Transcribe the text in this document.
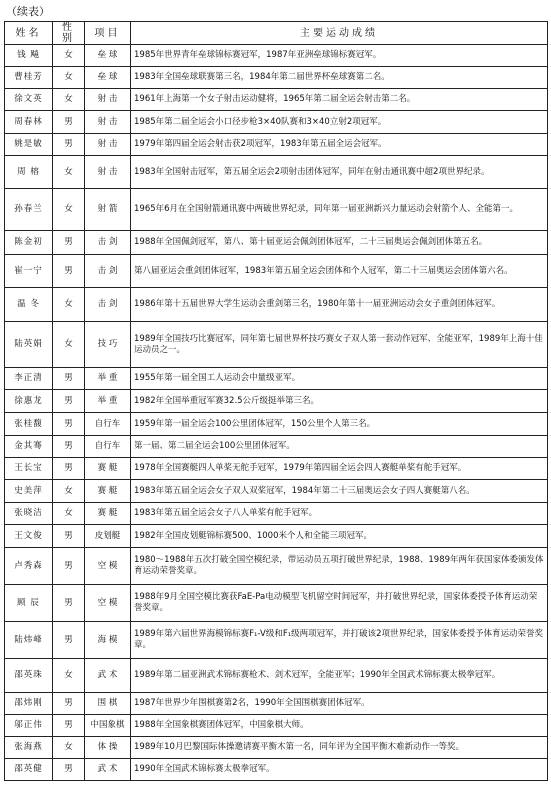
（续表）
姓名	性别	项目	主要运动成绩
钱 飚	女	垒 球	1985年世界青年垒球锦标赛冠军，1987年亚洲垒球锦标赛冠军。
曹桂芳	女	垒 球	1983年全国垒球联赛第三名，1984年第二届世界杯垒球赛第二名。
徐文英	女	射 击	1961年上海第一个女子射击运动健将，1965年第二届全运会射击第二名。
周春林	男	射 击	1985年第二届全运会小口径步枪3×40队赛和3×40立射2项冠军。
姚是敏	男	射 击	1979年第四届全运会射击获2项冠军，1983年第五届全运会冠军。
周 榕	女	射 击	1983年全国射击冠军，第五届全运会2项射击团体冠军，同年在射击通讯赛中超2项世界纪录。
孙春兰	女	射 箭	1965年6月在全国射箭通讯赛中两破世界纪录，同年第一届亚洲新兴力量运动会射箭个人、全能第一。
陈金初	男	击 剑	1988年全国佩剑冠军，第八、第十届亚运会佩剑团体冠军，二十三届奥运会佩剑团体第五名。
崔一宁	男	击 剑	第八届亚运会重剑团体冠军，1983年第五届全运会团体和个人冠军，第二十三届奥运会团体第六名。
温 冬	女	击 剑	1986年第十五届世界大学生运动会重剑第三名，1980年第十一届亚洲运动会女子重剑团体冠军。
陆英娟	女	技 巧	1989年全国技巧比赛冠军，同年第七届世界杯技巧赛女子双人第一套动作冠军、全能亚军，1989年上海十佳运动员之一。
李正清	男	举 重	1955年第一届全国工人运动会中量级亚军。
徐惠龙	男	举 重	1982年全国举重冠军赛32.5公斤级挺举第三名。
张桂馥	男	自行车	1959年第一届全运会100公里团体冠军，150公里个人第三名。
金其骞	男	自行车	第一届、第二届全运会100公里团体冠军。
王长宝	男	赛 艇	1978年全国赛艇四人单桨无舵手冠军，1979年第四届全运会四人赛艇单桨有舵手冠军。
史美萍	女	赛 艇	1983年第五届全运会女子双人双桨冠军，1984年第二十三届奥运会女子四人赛艇第八名。
张晓洁	女	赛 艇	1983年第五届全运会女子八人单桨有舵手冠军。
王文俊	男	皮划艇	1982年全国皮划艇锦标赛500、1000米个人和全能三项冠军。
卢秀森	男	空 模	1980～1988年五次打破全国空模纪录，带运动员五项打破世界纪录，1988、1989年两年获国家体委颁发体育运动荣誉奖章。
顾 辰	男	空 模	1988年9月全国空模比赛获FaE-Pa电动模型飞机留空时间冠军，并打破世界纪录，国家体委授予体育运动荣誉奖章。
陆炜峰	男	海 模	1989年第六届世界海模锦标赛F₁-V级和F₁级两项冠军，并打破该2项世界纪录，国家体委授予体育运动荣誉奖章。
邵英珠	女	武 术	1989年第二届亚洲武术锦标赛枪术、剑术冠军，全能亚军；1990年全国武术锦标赛太极拳冠军。
邵炜刚	男	围 棋	1987年世界少年围棋赛第2名，1990年全国围棋赛团体冠军。
邬正伟	男	中国象棋	1988年全国象棋赛团体冠军，中国象棋大师。
张海燕	女	体 操	1989年10月巴黎国际体操邀请赛平衡木第一名，同年评为全国平衡木难新动作一等奖。
邵英健	男	武 术	1990年全国武术锦标赛太极拳冠军。
